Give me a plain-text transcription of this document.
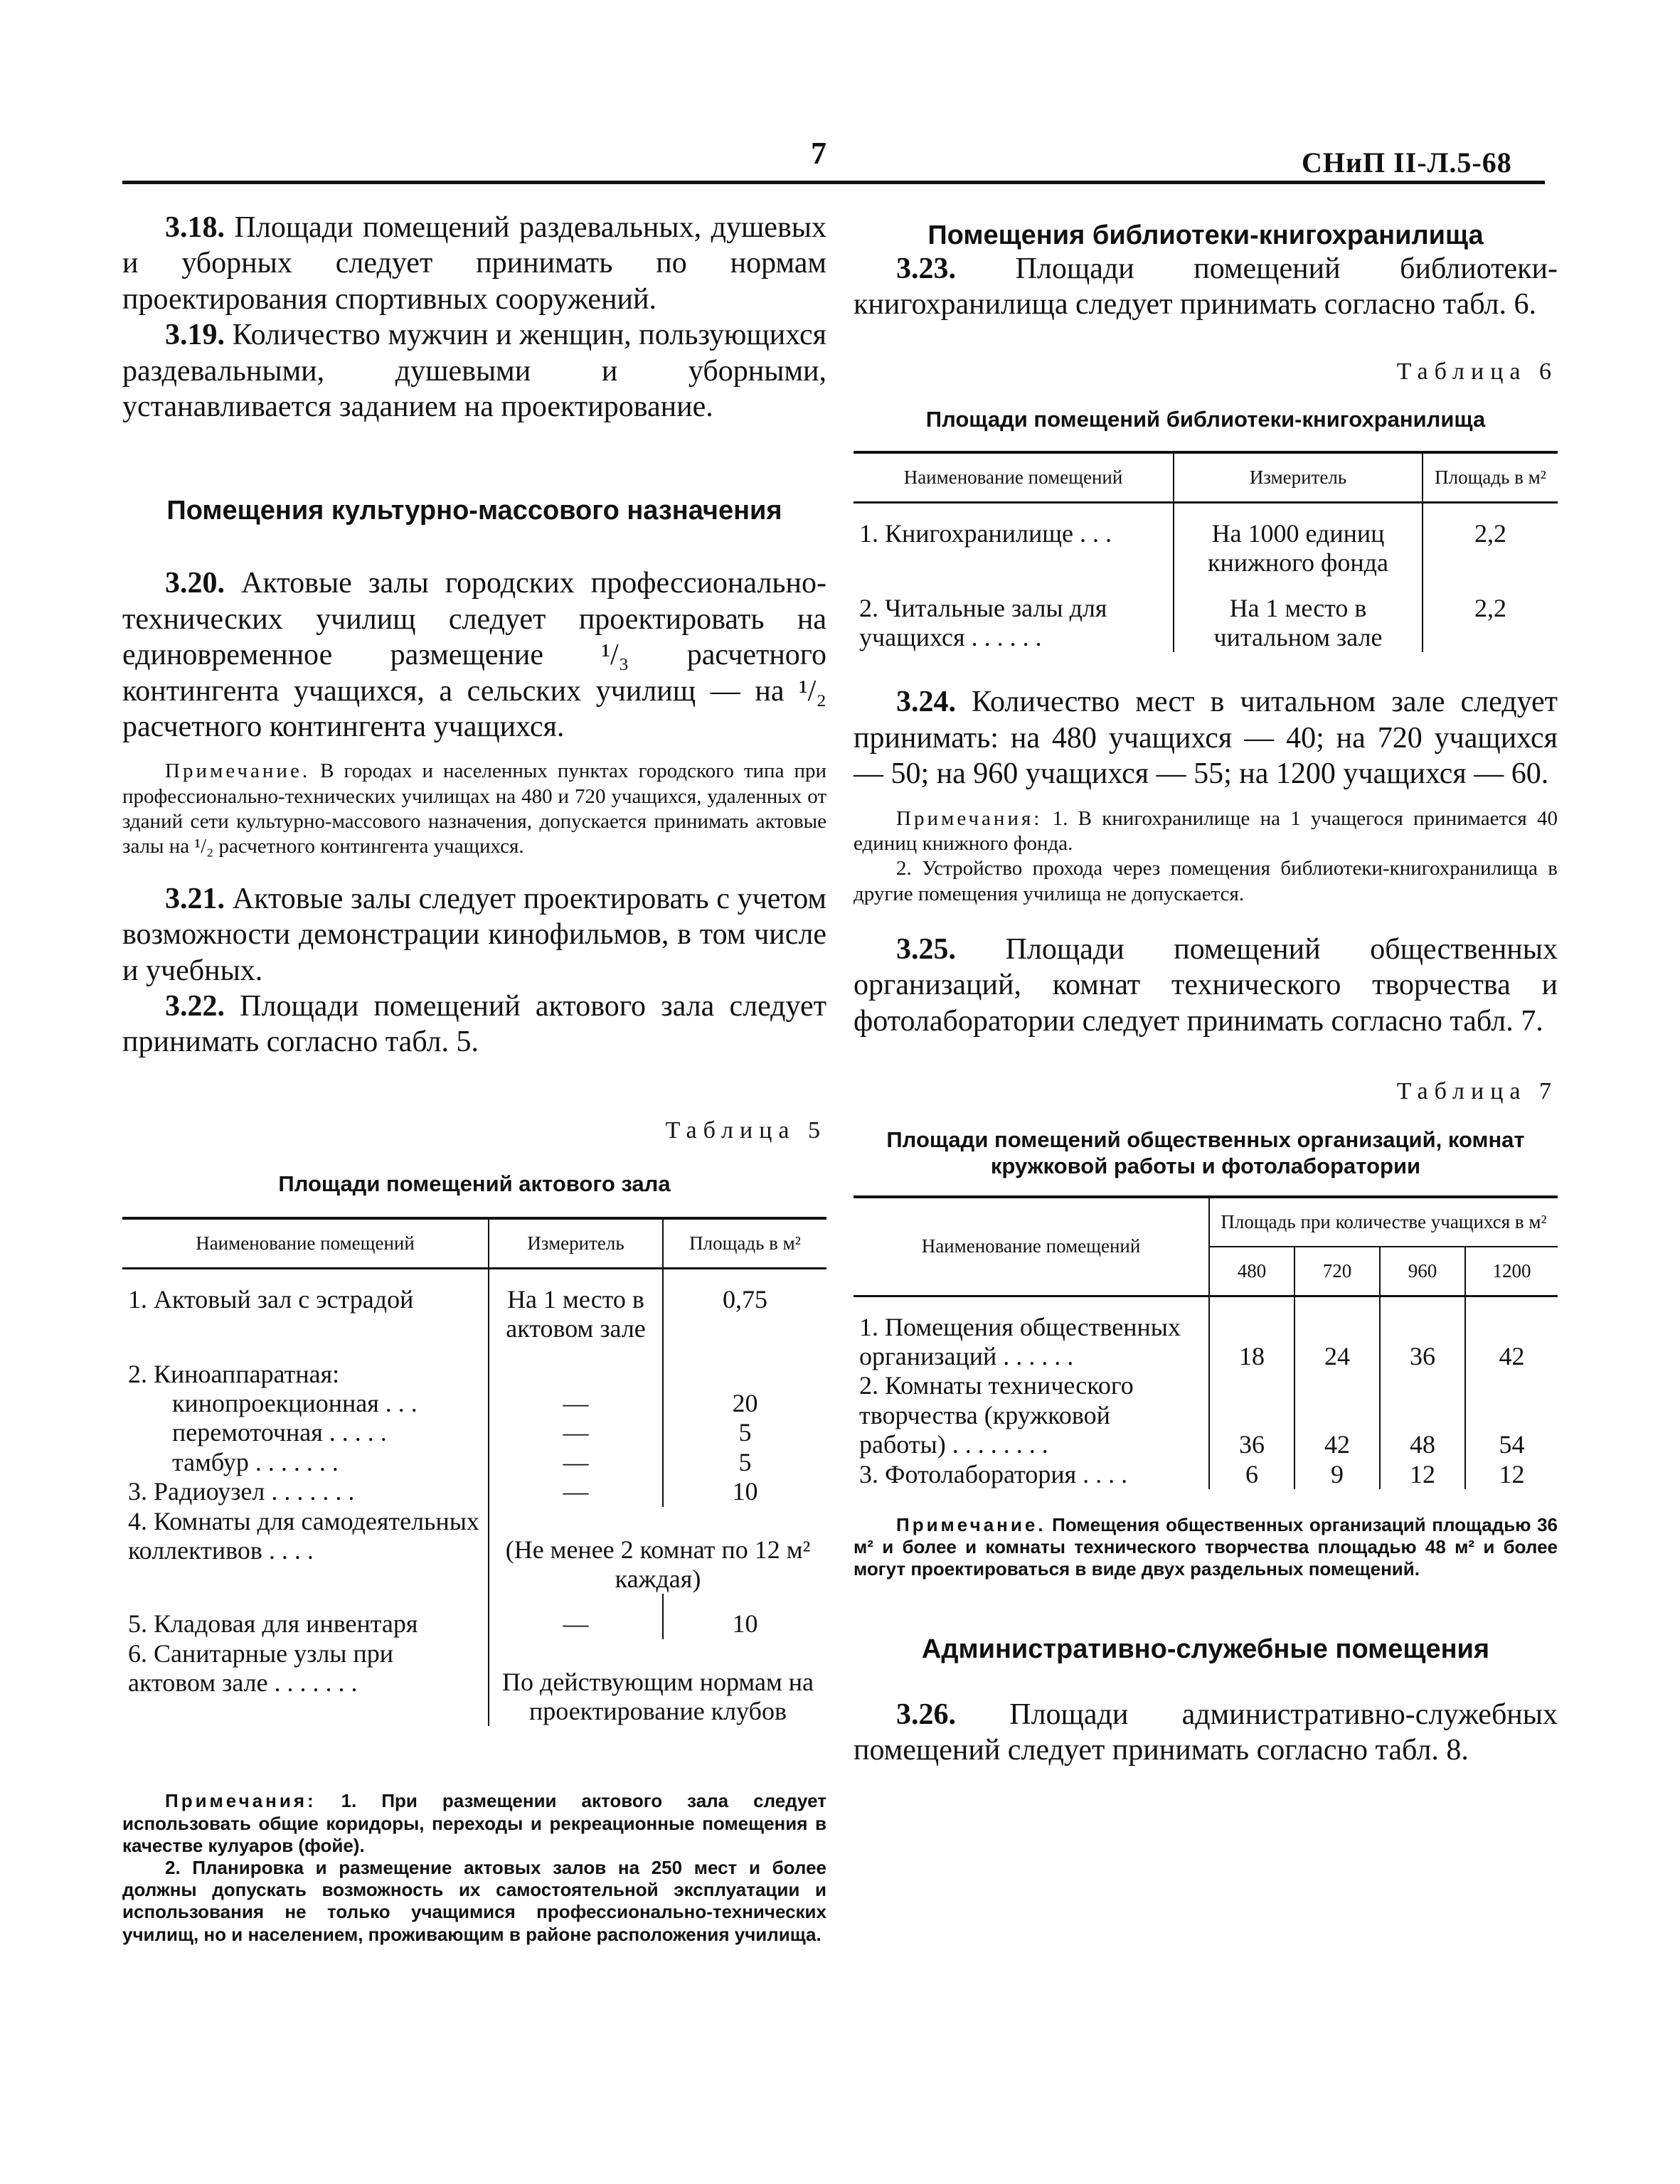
7	СНиП II-Л.5-68

3.18. Площади помещений раздевальных, душевых и уборных следует принимать по нормам проектирования спортивных сооружений.

3.19. Количество мужчин и женщин, пользующихся раздевальными, душевыми и уборными, устанавливается заданием на проектирование.

Помещения культурно-массового назначения

3.20. Актовые залы городских профессионально-технических училищ следует проектировать на единовременное размещение ¹/₃ расчетного контингента учащихся, а сельских училищ — на ¹/₂ расчетного контингента учащихся.

Примечание. В городах и населенных пунктах городского типа при профессионально-технических училищах на 480 и 720 учащихся, удаленных от зданий сети культурно-массового назначения, допускается принимать актовые залы на ¹/₂ расчетного контингента учащихся.

3.21. Актовые залы следует проектировать с учетом возможности демонстрации кинофильмов, в том числе и учебных.

3.22. Площади помещений актового зала следует принимать согласно табл. 5.

Таблица 5

Площади помещений актового зала

Наименование помещений	Измеритель	Площадь в м²

1. Актовый зал с эстрадой	На 1 место в актовом зале	0,75

2. Киноаппаратная:		
кинопроекционная . . .	—	20
перемоточная . . . . .	—	5
тамбур . . . . . . .	—	5
3. Радиоузел . . . . . . .	—	10
4. Комнаты для самодеятельных коллективов . . . .	(Не менее 2 комнат по 12 м² каждая)	

5. Кладовая для инвентаря	—	10
6. Санитарные узлы при актовом зале . . . . . . .	По действующим нормам на проектирование клубов	

Примечания: 1. При размещении актового зала следует использовать общие коридоры, переходы и рекреационные помещения в качестве кулуаров (фойе).

2. Планировка и размещение актовых залов на 250 мест и более должны допускать возможность их самостоятельной эксплуатации и использования не только учащимися профессионально-технических училищ, но и населением, проживающим в районе расположения училища.

Помещения библиотеки-книгохранилища

3.23. Площади помещений библиотеки-книгохранилища следует принимать согласно табл. 6.

Таблица 6

Площади помещений библиотеки-книгохранилища

Наименование помещений	Измеритель	Площадь в м²

1. Книгохранилище . . .	На 1000 единиц книжного фонда	2,2

2. Читальные залы для учащихся . . . . . .	На 1 место в читальном зале	2,2

3.24. Количество мест в читальном зале следует принимать: на 480 учащихся — 40; на 720 учащихся — 50; на 960 учащихся — 55; на 1200 учащихся — 60.

Примечания: 1. В книгохранилище на 1 учащегося принимается 40 единиц книжного фонда.

2. Устройство прохода через помещения библиотеки-книгохранилища в другие помещения училища не допускается.

3.25. Площади помещений общественных организаций, комнат технического творчества и фотолаборатории следует принимать согласно табл. 7.

Таблица 7

Площади помещений общественных организаций, комнат кружковой работы и фотолаборатории

Наименование помещений	Площадь при количестве учащихся в м²			
	480	720	960	1200

1. Помещения общественных организаций . . . . . .	18	24	36	42
2. Комнаты технического творчества (кружковой работы) . . . . . . . .	36	42	48	54
3. Фотолаборатория . . . .	6	9	12	12

Примечание. Помещения общественных организаций площадью 36 м² и более и комнаты технического творчества площадью 48 м² и более могут проектироваться в виде двух раздельных помещений.

Административно-служебные помещения

3.26. Площади административно-служебных помещений следует принимать согласно табл. 8.
